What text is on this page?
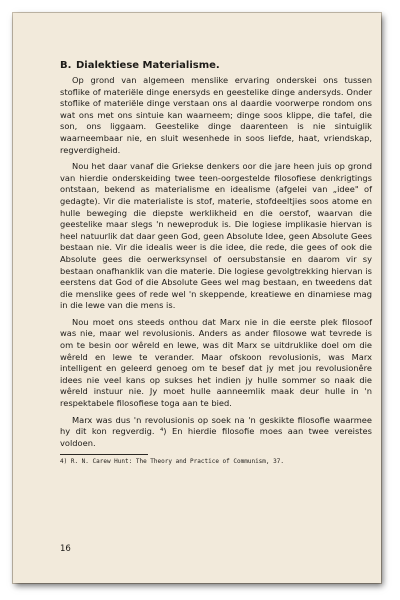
B. Dialektiese Materialisme.

Op grond van algemeen menslike ervaring onderskei ons tussen stoflike of materiële dinge enersyds en geestelike dinge andersyds. Onder stoflike of materiële dinge verstaan ons al daardie voorwerpe rondom ons wat ons met ons sintuie kan waarneem; dinge soos klippe, die tafel, die son, ons liggaam. Geestelike dinge daarenteen is nie sintuiglik waarneembaar nie, en sluit wesenhede in soos liefde, haat, vriendskap, regverdigheid.

Nou het daar vanaf die Griekse denkers oor die jare heen juis op grond van hierdie onderskeiding twee teen-oorgestelde filosofiese denkrigtings ontstaan, bekend as materialisme en idealisme (afgelei van „idee" of gedagte). Vir die materialiste is stof, materie, stofdeeltjies soos atome en hulle beweging die diepste werklikheid en die oerstof, waarvan die geestelike maar slegs 'n neweproduk is. Die logiese implikasie hiervan is heel natuurlik dat daar geen God, geen Absolute Idee, geen Absolute Gees bestaan nie. Vir die idealis weer is die idee, die rede, die gees of ook die Absolute gees die oerwerksynsel of oersubstansie en daarom vir sy bestaan onafhanklik van die materie. Die logiese gevolgtrekking hiervan is eerstens dat God of die Absolute Gees wel mag bestaan, en tweedens dat die menslike gees of rede wel 'n skeppende, kreatiewe en dinamiese mag in die lewe van die mens is.

Nou moet ons steeds onthou dat Marx nie in die eerste plek filosoof was nie, maar wel revolusionis. Anders as ander filosowe wat tevrede is om te besin oor wêreld en lewe, was dit Marx se uitdruklike doel om die wêreld en lewe te verander. Maar ofskoon revolusionis, was Marx intelligent en geleerd genoeg om te besef dat jy met jou revolusionêre idees nie veel kans op sukses het indien jy hulle sommer so naak die wêreld instuur nie. Jy moet hulle aanneemlik maak deur hulle in 'n respektabele filosofiese toga aan te bied.

Marx was dus 'n revolusionis op soek na 'n geskikte filosofie waarmee hy dit kon regverdig. ⁴) En hierdie filosofie moes aan twee vereistes voldoen.

4) R. N. Carew Hunt: The Theory and Practice of Communism, 37.

16
